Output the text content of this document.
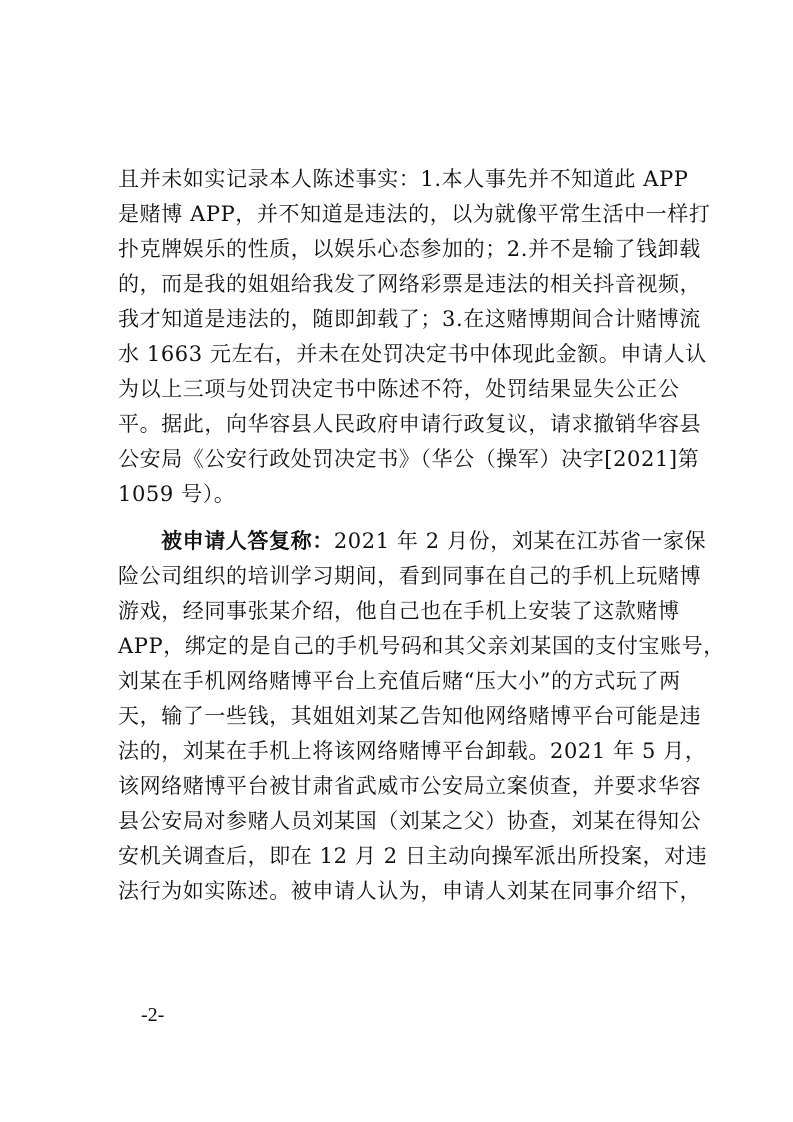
且并未如实记录本人陈述事实：1.本人事先并不知道此 APP
是赌博 APP，并不知道是违法的，以为就像平常生活中一样打
扑克牌娱乐的性质，以娱乐心态参加的；2.并不是输了钱卸载
的，而是我的姐姐给我发了网络彩票是违法的相关抖音视频，
我才知道是违法的，随即卸载了；3.在这赌博期间合计赌博流
水 1663 元左右，并未在处罚决定书中体现此金额。申请人认
为以上三项与处罚决定书中陈述不符，处罚结果显失公正公
平。据此，向华容县人民政府申请行政复议，请求撤销华容县
公安局《公安行政处罚决定书》（华公（操军）决字[2021]第
1059 号）。
被申请人答复称：2021 年 2 月份，刘某在江苏省一家保
险公司组织的培训学习期间，看到同事在自己的手机上玩赌博
游戏，经同事张某介绍，他自己也在手机上安装了这款赌博
APP，绑定的是自己的手机号码和其父亲刘某国的支付宝账号，
刘某在手机网络赌博平台上充值后赌“压大小”的方式玩了两
天，输了一些钱，其姐姐刘某乙告知他网络赌博平台可能是违
法的，刘某在手机上将该网络赌博平台卸载。2021 年 5 月，
该网络赌博平台被甘肃省武威市公安局立案侦查，并要求华容
县公安局对参赌人员刘某国（刘某之父）协查，刘某在得知公
安机关调查后，即在 12 月 2 日主动向操军派出所投案，对违
法行为如实陈述。被申请人认为，申请人刘某在同事介绍下，
-2-
